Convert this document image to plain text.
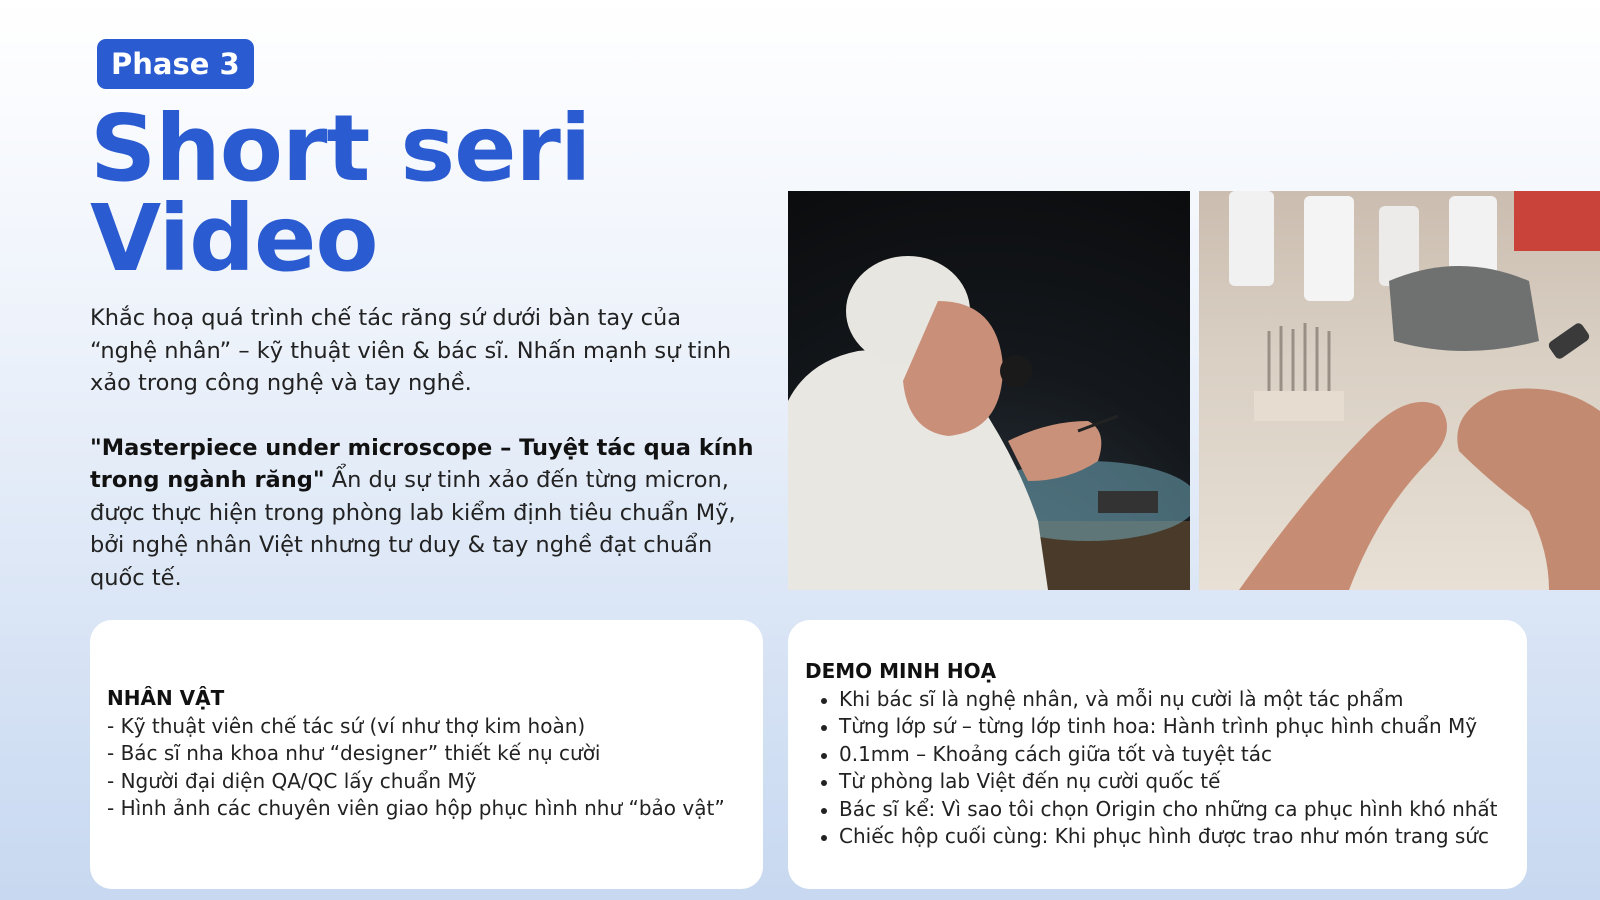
Phase 3
Short seri
Video

Khắc hoạ quá trình chế tác răng sứ dưới bàn tay của “nghệ nhân” – kỹ thuật viên & bác sĩ. Nhấn mạnh sự tinh xảo trong công nghệ và tay nghề.

"Masterpiece under microscope – Tuyệt tác qua kính trong ngành răng" Ẩn dụ sự tinh xảo đến từng micron, được thực hiện trong phòng lab kiểm định tiêu chuẩn Mỹ, bởi nghệ nhân Việt nhưng tư duy & tay nghề đạt chuẩn quốc tế.

NHÂN VẬT
- Kỹ thuật viên chế tác sứ (ví như thợ kim hoàn)
- Bác sĩ nha khoa như “designer” thiết kế nụ cười
- Người đại diện QA/QC lấy chuẩn Mỹ
- Hình ảnh các chuyên viên giao hộp phục hình như “bảo vật”
DEMO MINH HOẠ
Khi bác sĩ là nghệ nhân, và mỗi nụ cười là một tác phẩm
Từng lớp sứ – từng lớp tinh hoa: Hành trình phục hình chuẩn Mỹ
0.1mm – Khoảng cách giữa tốt và tuyệt tác
Từ phòng lab Việt đến nụ cười quốc tế
Bác sĩ kể: Vì sao tôi chọn Origin cho những ca phục hình khó nhất
Chiếc hộp cuối cùng: Khi phục hình được trao như món trang sức
